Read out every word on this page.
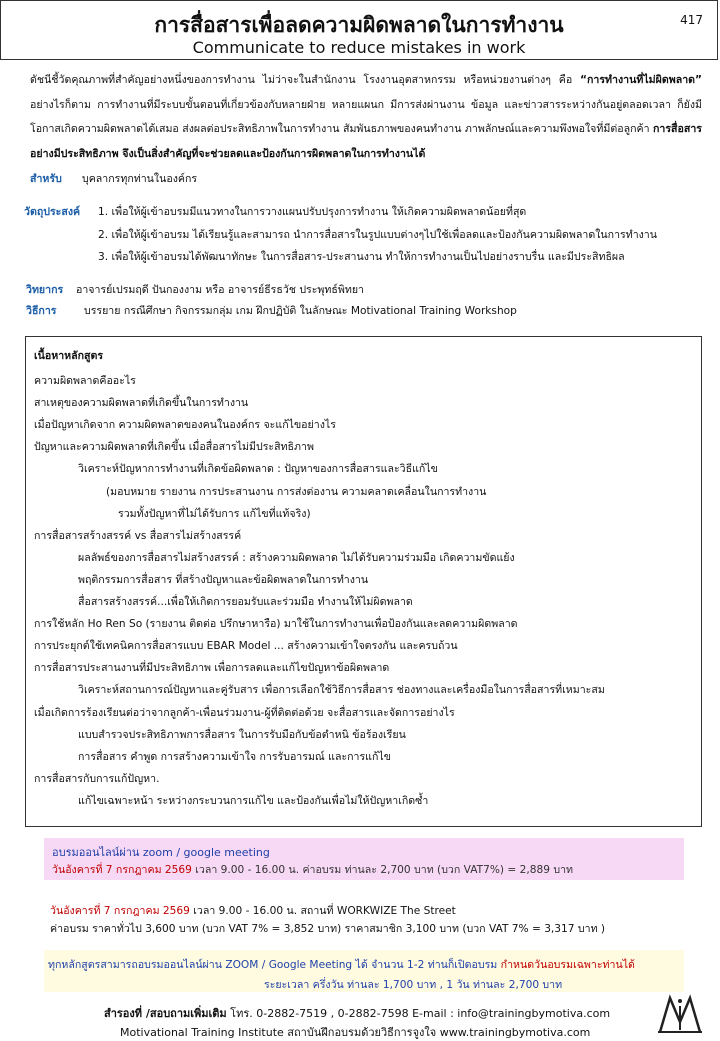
การสื่อสารเพื่อลดความผิดพลาดในการทำงาน
Communicate to reduce mistakes in work
417
ดัชนีชี้วัดคุณภาพที่สำคัญอย่างหนึ่งของการทำงาน ไม่ว่าจะในสำนักงาน โรงงานอุตสาหกรรม หรือหน่วยงานต่างๆ คือ “การทำงานที่ไม่ผิดพลาด” อย่างไรก็ตาม การทำงานที่มีระบบขั้นตอนที่เกี่ยวข้องกับหลายฝ่าย หลายแผนก มีการส่งผ่านงาน ข้อมูล และข่าวสารระหว่างกันอยู่ตลอดเวลา ก็ยังมีโอกาสเกิดความผิดพลาดได้เสมอ ส่งผลต่อประสิทธิภาพในการทำงาน สัมพันธภาพของคนทำงาน ภาพลักษณ์และความพึงพอใจที่มีต่อลูกค้า การสื่อสารอย่างมีประสิทธิภาพ จึงเป็นสิ่งสำคัญที่จะช่วยลดและป้องกันการผิดพลาดในการทำงานได้
สำหรับ บุคลากรทุกท่านในองค์กร
วัตถุประสงค์ 1. เพื่อให้ผู้เข้าอบรมมีแนวทางในการวางแผนปรับปรุงการทำงาน ให้เกิดความผิดพลาดน้อยที่สุด
2. เพื่อให้ผู้เข้าอบรม ได้เรียนรู้และสามารถ นำการสื่อสารในรูปแบบต่างๆไปใช้เพื่อลดและป้องกันความผิดพลาดในการทำงาน
3. เพื่อให้ผู้เข้าอบรมได้พัฒนาทักษะ ในการสื่อสาร-ประสานงาน ทำให้การทำงานเป็นไปอย่างราบรื่น และมีประสิทธิผล
วิทยากร อาจารย์เปรมฤดี ปันกองงาม หรือ อาจารย์ธีรธวัช ประพุทธ์พิทยา
วิธีการ	บรรยาย กรณีศึกษา กิจกรรมกลุ่ม เกม ฝึกปฏิบัติ ในลักษณะ Motivational Training Workshop
เนื้อหาหลักสูตร
ความผิดพลาดคืออะไร
สาเหตุของความผิดพลาดที่เกิดขึ้นในการทำงาน
เมื่อปัญหาเกิดจาก ความผิดพลาดของคนในองค์กร จะแก้ไขอย่างไร
ปัญหาและความผิดพลาดที่เกิดขึ้น เมื่อสื่อสารไม่มีประสิทธิภาพ
วิเคราะห์ปัญหาการทำงานที่เกิดข้อผิดพลาด : ปัญหาของการสื่อสารและวิธีแก้ไข
(มอบหมาย รายงาน การประสานงาน การส่งต่องาน ความคลาดเคลื่อนในการทำงาน
รวมทั้งปัญหาที่ไม่ได้รับการ แก้ไขที่แท้จริง)
การสื่อสารสร้างสรรค์ vs สื่อสารไม่สร้างสรรค์
ผลลัพธ์ของการสื่อสารไม่สร้างสรรค์ : สร้างความผิดพลาด ไม่ได้รับความร่วมมือ เกิดความขัดแย้ง
พฤติกรรมการสื่อสาร ที่สร้างปัญหาและข้อผิดพลาดในการทำงาน
สื่อสารสร้างสรรค์...เพื่อให้เกิดการยอมรับและร่วมมือ ทำงานให้ไม่ผิดพลาด
การใช้หลัก Ho Ren So (รายงาน ติดต่อ ปรึกษาหารือ) มาใช้ในการทำงานเพื่อป้องกันและลดความผิดพลาด
การประยุกต์ใช้เทคนิคการสื่อสารแบบ EBAR Model ... สร้างความเข้าใจตรงกัน และครบถ้วน
การสื่อสารประสานงานที่มีประสิทธิภาพ เพื่อการลดและแก้ไขปัญหาข้อผิดพลาด
วิเคราะห์สถานการณ์ปัญหาและคู่รับสาร เพื่อการเลือกใช้วิธีการสื่อสาร ช่องทางและเครื่องมือในการสื่อสารที่เหมาะสม
เมื่อเกิดการร้องเรียนต่อว่าจากลูกค้า-เพื่อนร่วมงาน-ผู้ที่ติดต่อด้วย จะสื่อสารและจัดการอย่างไร
แบบสำรวจประสิทธิภาพการสื่อสาร ในการรับมือกับข้อตำหนิ ข้อร้องเรียน
การสื่อสาร คำพูด การสร้างความเข้าใจ การรับอารมณ์ และการแก้ไข
การสื่อสารกับการแก้ปัญหา.
แก้ไขเฉพาะหน้า ระหว่างกระบวนการแก้ไข และป้องกันเพื่อไม่ให้ปัญหาเกิดซ้ำ
อบรมออนไลน์ผ่าน zoom / google meeting
วันอังคารที่ 7 กรกฎาคม 2569 เวลา 9.00 - 16.00 น. ค่าอบรม ท่านละ 2,700 บาท (บวก VAT7%) = 2,889 บาท
วันอังคารที่ 7 กรกฎาคม 2569 เวลา 9.00 - 16.00 น. สถานที่ WORKWIZE The Street
ค่าอบรม ราคาทั่วไป 3,600 บาท (บวก VAT 7% = 3,852 บาท) ราคาสมาชิก 3,100 บาท (บวก VAT 7% = 3,317 บาท )
ทุกหลักสูตรสามารถอบรมออนไลน์ผ่าน ZOOM / Google Meeting ได้ จำนวน 1-2 ท่านก็เปิดอบรม กำหนดวันอบรมเฉพาะท่านได้
ระยะเวลา ครึ่งวัน ท่านละ 1,700 บาท , 1 วัน ท่านละ 2,700 บาท
สำรองที่ /สอบถามเพิ่มเติม โทร. 0-2882-7519 , 0-2882-7598 E-mail : info@trainingbymotiva.com
Motivational Training Institute สถาบันฝึกอบรมด้วยวิธีการจูงใจ www.trainingbymotiva.com
